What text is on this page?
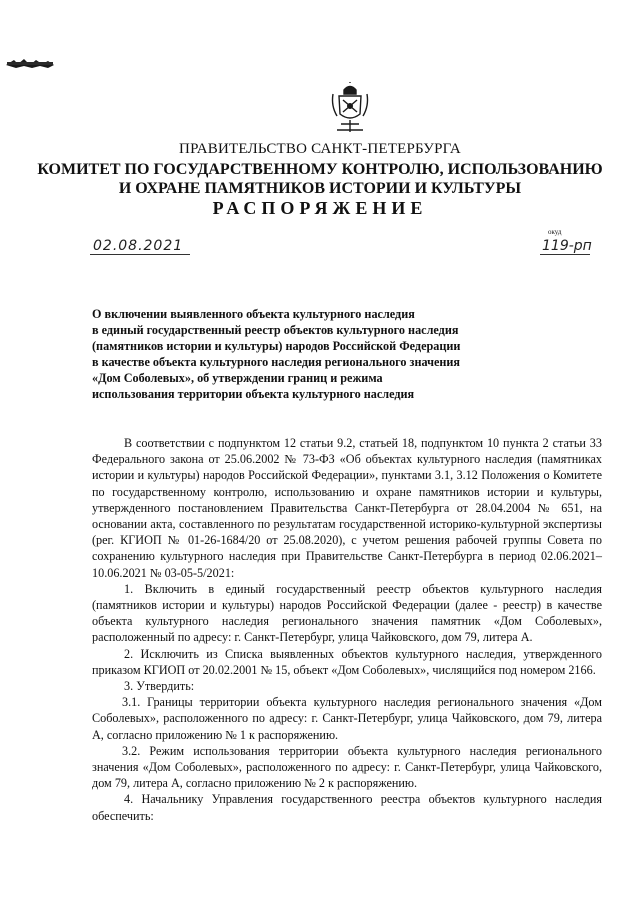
ПРАВИТЕЛЬСТВО САНКТ-ПЕТЕРБУРГА
КОМИТЕТ ПО ГОСУДАРСТВЕННОМУ КОНТРОЛЮ, ИСПОЛЬЗОВАНИЮ
И ОХРАНЕ ПАМЯТНИКОВ ИСТОРИИ И КУЛЬТУРЫ
РАСПОРЯЖЕНИЕ
окуд
02.08.2021	119-рп
О включении выявленного объекта культурного наследия
в единый государственный реестр объектов культурного наследия
(памятников истории и культуры) народов Российской Федерации
в качестве объекта культурного наследия регионального значения
«Дом Соболевых», об утверждении границ и режима
использования территории объекта культурного наследия

В соответствии с подпунктом 12 статьи 9.2, статьей 18, подпунктом 10 пункта 2 статьи 33 Федерального закона от 25.06.2002 № 73-ФЗ «Об объектах культурного наследия (памятниках истории и культуры) народов Российской Федерации», пунктами 3.1, 3.12 Положения о Комитете по государственному контролю, использованию и охране памятников истории и культуры, утвержденного постановлением Правительства Санкт-Петербурга от 28.04.2004 № 651, на основании акта, составленного по результатам государственной историко-культурной экспертизы (рег. КГИОП № 01-26-1684/20 от 25.08.2020), с учетом решения рабочей группы Совета по сохранению культурного наследия при Правительстве Санкт-Петербурга в период 02.06.2021–10.06.2021 № 03-05-5/2021:

1. Включить в единый государственный реестр объектов культурного наследия (памятников истории и культуры) народов Российской Федерации (далее - реестр) в качестве объекта культурного наследия регионального значения памятник «Дом Соболевых», расположенный по адресу: г. Санкт-Петербург, улица Чайковского, дом 79, литера А.

2. Исключить из Списка выявленных объектов культурного наследия, утвержденного приказом КГИОП от 20.02.2001 № 15, объект «Дом Соболевых», числящийся под номером 2166.

3. Утвердить:

3.1. Границы территории объекта культурного наследия регионального значения «Дом Соболевых», расположенного по адресу: г. Санкт-Петербург, улица Чайковского, дом 79, литера А, согласно приложению № 1 к распоряжению.

3.2. Режим использования территории объекта культурного наследия регионального значения «Дом Соболевых», расположенного по адресу: г. Санкт-Петербург, улица Чайковского, дом 79, литера А, согласно приложению № 2 к распоряжению.

4. Начальнику Управления государственного реестра объектов культурного наследия обеспечить:
